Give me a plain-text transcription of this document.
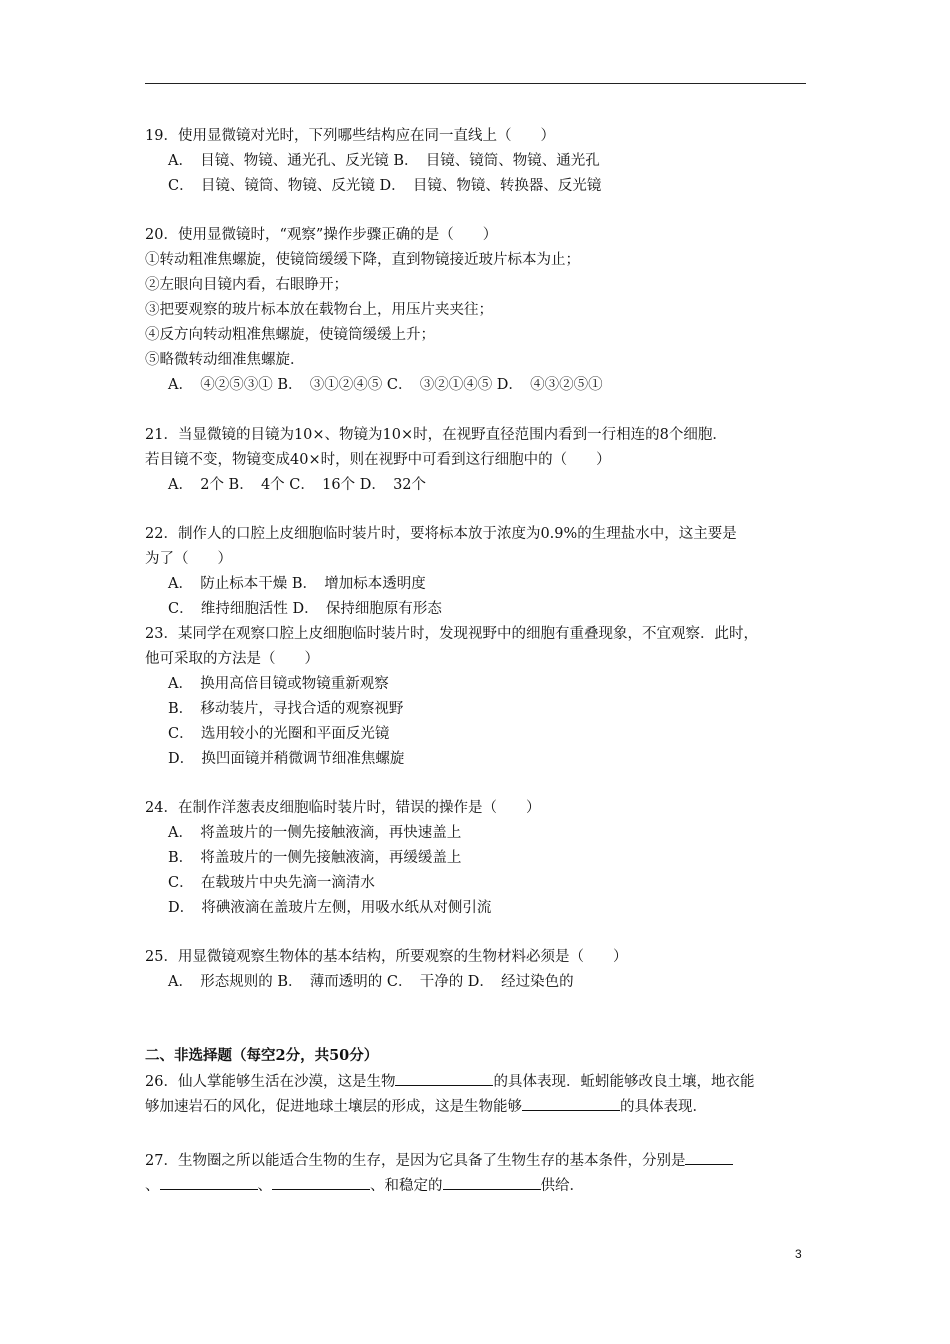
19．使用显微镜对光时，下列哪些结构应在同一直线上（　　）
A．　目镜、物镜、通光孔、反光镜 B．　目镜、镜筒、物镜、通光孔
C．　目镜、镜筒、物镜、反光镜 D．　目镜、物镜、转换器、反光镜
20．使用显微镜时，“观察”操作步骤正确的是（　　）
①转动粗准焦螺旋，使镜筒缓缓下降，直到物镜接近玻片标本为止；
②左眼向目镜内看，右眼睁开；
③把要观察的玻片标本放在载物台上，用压片夹夹往；
④反方向转动粗准焦螺旋，使镜筒缓缓上升；
⑤略微转动细准焦螺旋．
A．　④②⑤③① B．　③①②④⑤ C．　③②①④⑤ D．　④③②⑤①
21．当显微镜的目镜为10×、物镜为10×时，在视野直径范围内看到一行相连的8个细胞．
若目镜不变，物镜变成40×时，则在视野中可看到这行细胞中的（　　）
A．　2个 B．　4个 C．　16个 D．　32个
22．制作人的口腔上皮细胞临时装片时，要将标本放于浓度为0.9%的生理盐水中，这主要是
为了（　　）
A．　防止标本干燥 B．　增加标本透明度
C．　维持细胞活性 D．　保持细胞原有形态
23．某同学在观察口腔上皮细胞临时装片时，发现视野中的细胞有重叠现象，不宜观察．此时，
他可采取的方法是（　　）
A．　换用高倍目镜或物镜重新观察
B．　移动装片，寻找合适的观察视野
C．　选用较小的光圈和平面反光镜
D．　换凹面镜并稍微调节细准焦螺旋
24．在制作洋葱表皮细胞临时装片时，错误的操作是（　　）
A．　将盖玻片的一侧先接触液滴，再快速盖上
B．　将盖玻片的一侧先接触液滴，再缓缓盖上
C．　在载玻片中央先滴一滴清水
D．　将碘液滴在盖玻片左侧，用吸水纸从对侧引流
25．用显微镜观察生物体的基本结构，所要观察的生物材料必须是（　　）
A．　形态规则的 B．　薄而透明的 C．　干净的 D．　经过染色的
二、非选择题（每空2分，共50分）
26．仙人掌能够生活在沙漠，这是生物	的具体表现．蚯蚓能够改良土壤，地衣能
够加速岩石的风化，促进地球土壤层的形成，这是生物能够	的具体表现．
27．生物圈之所以能适合生物的生存，是因为它具备了生物生存的基本条件，分别是
、	、	、和稳定的	供给．
3
